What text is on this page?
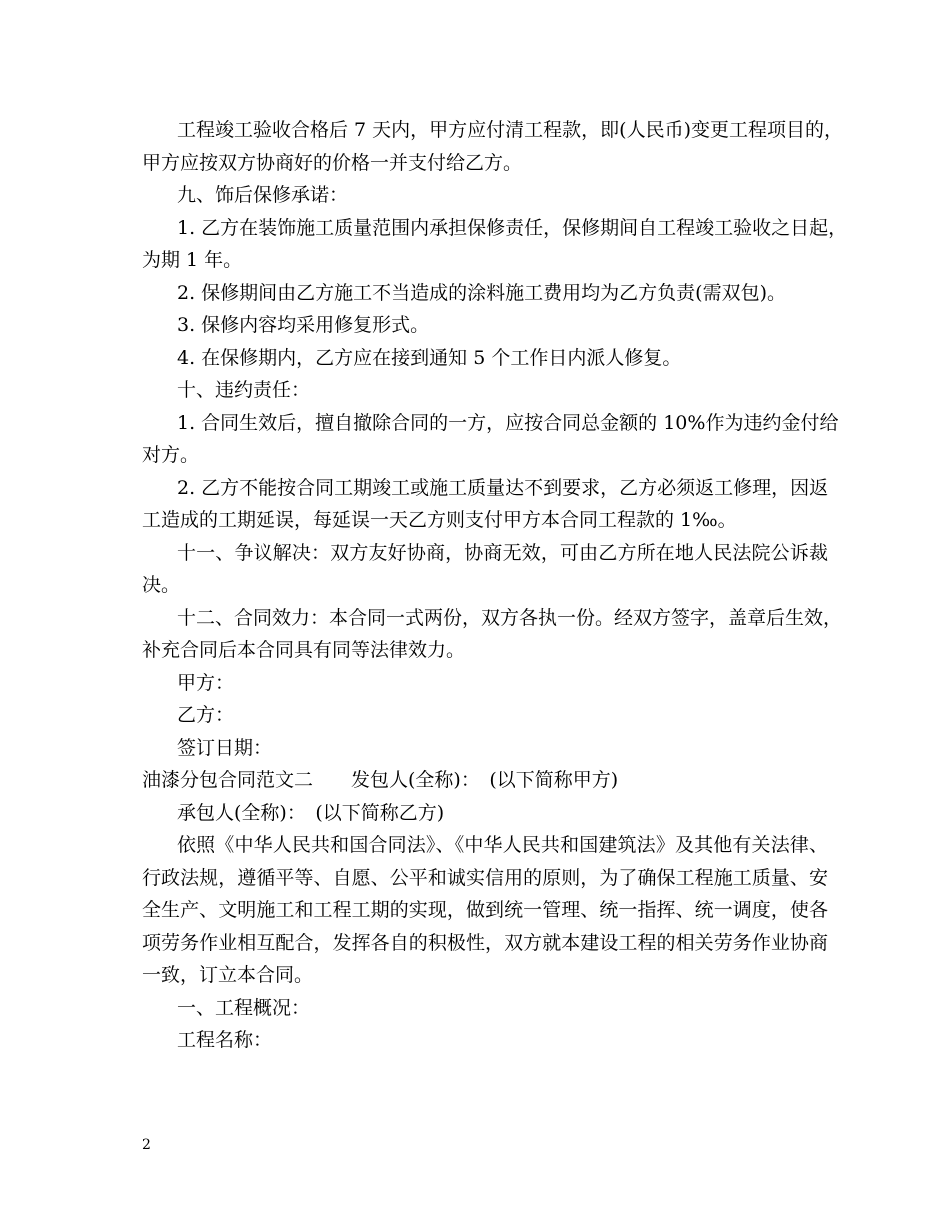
工程竣工验收合格后 7 天内，甲方应付清工程款，即(人民币)变更工程项目的，
甲方应按双方协商好的价格一并支付给乙方。
九、饰后保修承诺：
1. 乙方在装饰施工质量范围内承担保修责任，保修期间自工程竣工验收之日起，
为期 1 年。
2. 保修期间由乙方施工不当造成的涂料施工费用均为乙方负责(需双包)。
3. 保修内容均采用修复形式。
4. 在保修期内，乙方应在接到通知 5 个工作日内派人修复。
十、违约责任：
1. 合同生效后，擅自撤除合同的一方，应按合同总金额的 10%作为违约金付给
对方。
2. 乙方不能按合同工期竣工或施工质量达不到要求，乙方必须返工修理，因返
工造成的工期延误，每延误一天乙方则支付甲方本合同工程款的 1‰。
十一、争议解决：双方友好协商，协商无效，可由乙方所在地人民法院公诉裁
决。
十二、合同效力：本合同一式两份，双方各执一份。经双方签字，盖章后生效，
补充合同后本合同具有同等法律效力。
甲方：
乙方：
签订日期：
油漆分包合同范文二　　发包人(全称)：　(以下简称甲方)
承包人(全称)：　(以下简称乙方)
依照《中华人民共和国合同法》、《中华人民共和国建筑法》及其他有关法律、
行政法规，遵循平等、自愿、公平和诚实信用的原则，为了确保工程施工质量、安
全生产、文明施工和工程工期的实现，做到统一管理、统一指挥、统一调度，使各
项劳务作业相互配合，发挥各自的积极性，双方就本建设工程的相关劳务作业协商
一致，订立本合同。
一、工程概况：
工程名称：
2
